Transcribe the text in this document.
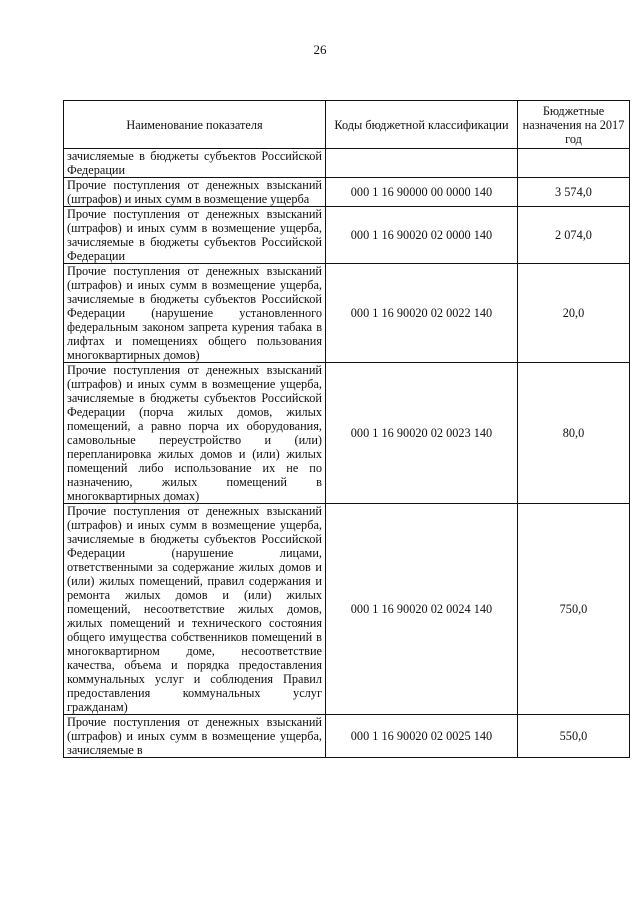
26
Наименование показателя	Коды бюджетной классификации	Бюджетные назначения на 2017 год
зачисляемые в бюджеты субъектов Российской Федерации		
Прочие поступления от денежных взысканий (штрафов) и иных сумм в возмещение ущерба	000 1 16 90000 00 0000 140	3 574,0
Прочие поступления от денежных взысканий (штрафов) и иных сумм в возмещение ущерба, зачисляемые в бюджеты субъектов Российской Федерации	000 1 16 90020 02 0000 140	2 074,0
Прочие поступления от денежных взысканий (штрафов) и иных сумм в возмещение ущерба, зачисляемые в бюджеты субъектов Российской Федерации (нарушение установленного федеральным законом запрета курения табака в лифтах и помещениях общего пользования многоквартирных домов)	000 1 16 90020 02 0022 140	20,0
Прочие поступления от денежных взысканий (штрафов) и иных сумм в возмещение ущерба, зачисляемые в бюджеты субъектов Российской Федерации (порча жилых домов, жилых помещений, а равно порча их оборудования, самовольные переустройство и (или) перепланировка жилых домов и (или) жилых помещений либо использование их не по назначению, жилых помещений в многоквартирных домах)	000 1 16 90020 02 0023 140	80,0
Прочие поступления от денежных взысканий (штрафов) и иных сумм в возмещение ущерба, зачисляемые в бюджеты субъектов Российской Федерации (нарушение лицами, ответственными за содержание жилых домов и (или) жилых помещений, правил содержания и ремонта жилых домов и (или) жилых помещений, несоответствие жилых домов, жилых помещений и технического состояния общего имущества собственников помещений в многоквартирном доме, несоответствие качества, объема и порядка предоставления коммунальных услуг и соблюдения Правил предоставления коммунальных услуг гражданам)	000 1 16 90020 02 0024 140	750,0
Прочие поступления от денежных взысканий (штрафов) и иных сумм в возмещение ущерба, зачисляемые в	000 1 16 90020 02 0025 140	550,0
